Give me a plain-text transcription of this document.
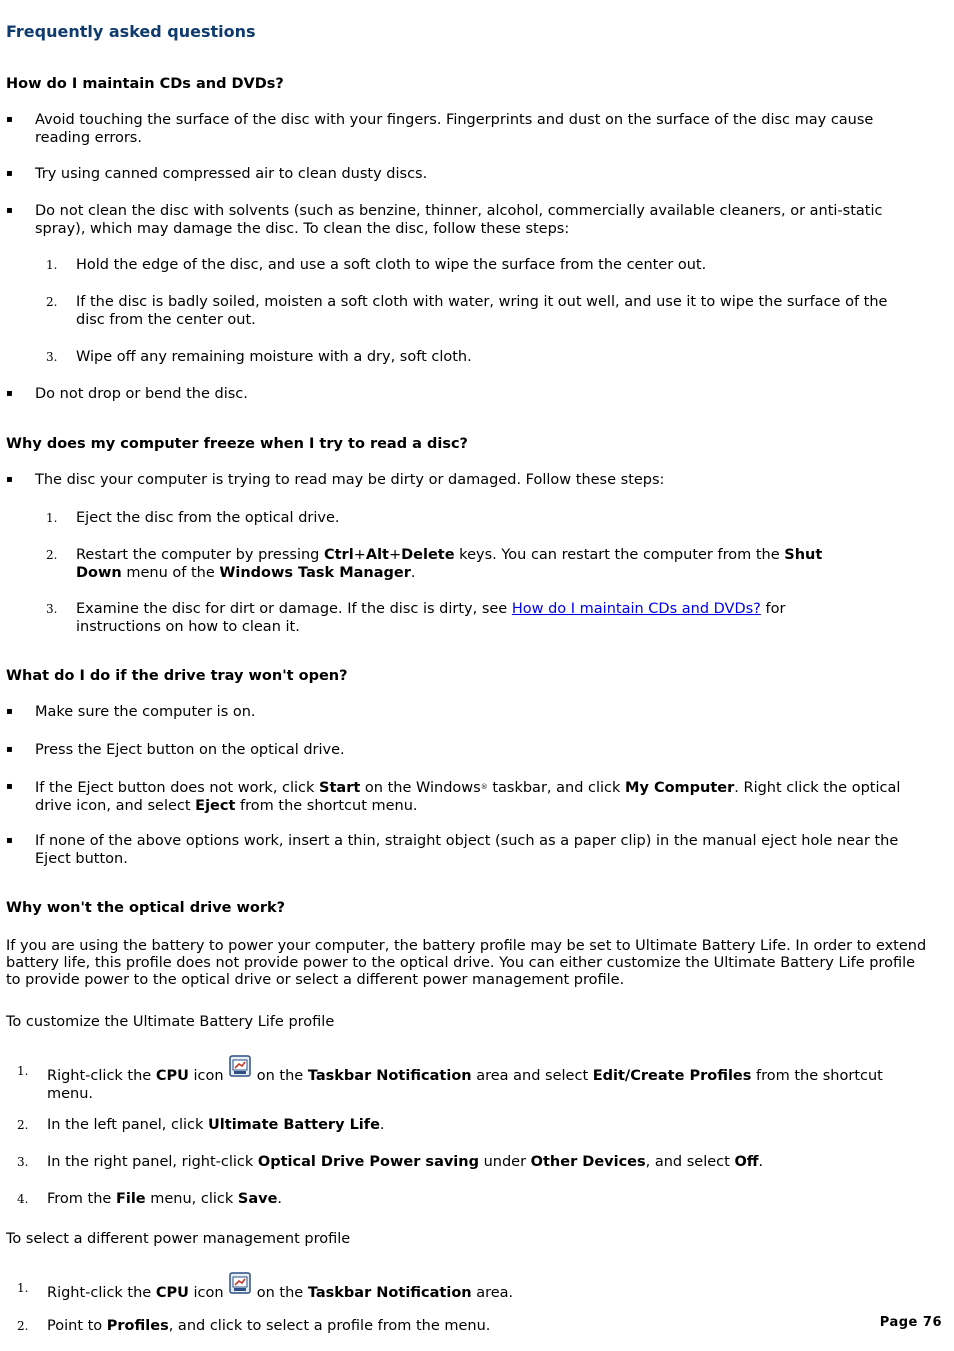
Frequently asked questions
How do I maintain CDs and DVDs?
▪ Avoid touching the surface of the disc with your fingers. Fingerprints and dust on the surface of the disc may cause reading errors.
▪ Try using canned compressed air to clean dusty discs.
▪ Do not clean the disc with solvents (such as benzine, thinner, alcohol, commercially available cleaners, or anti-static spray), which may damage the disc. To clean the disc, follow these steps:
1. Hold the edge of the disc, and use a soft cloth to wipe the surface from the center out.
2. If the disc is badly soiled, moisten a soft cloth with water, wring it out well, and use it to wipe the surface of the disc from the center out.
3. Wipe off any remaining moisture with a dry, soft cloth.
▪ Do not drop or bend the disc.
Why does my computer freeze when I try to read a disc?
▪ The disc your computer is trying to read may be dirty or damaged. Follow these steps:
1. Eject the disc from the optical drive.
2. Restart the computer by pressing Ctrl+Alt+Delete keys. You can restart the computer from the Shut Down menu of the Windows Task Manager.
3. Examine the disc for dirt or damage. If the disc is dirty, see How do I maintain CDs and DVDs? for instructions on how to clean it.
What do I do if the drive tray won't open?
▪ Make sure the computer is on.
▪ Press the Eject button on the optical drive.
▪ If the Eject button does not work, click Start on the Windows® taskbar, and click My Computer. Right click the optical drive icon, and select Eject from the shortcut menu.
▪ If none of the above options work, insert a thin, straight object (such as a paper clip) in the manual eject hole near the Eject button.
Why won't the optical drive work?
If you are using the battery to power your computer, the battery profile may be set to Ultimate Battery Life. In order to extend battery life, this profile does not provide power to the optical drive. You can either customize the Ultimate Battery Life profile to provide power to the optical drive or select a different power management profile.
To customize the Ultimate Battery Life profile
1. Right-click the CPU icon  on the Taskbar Notification area and select Edit/Create Profiles from the shortcut menu.
2. In the left panel, click Ultimate Battery Life.
3. In the right panel, right-click Optical Drive Power saving under Other Devices, and select Off.
4. From the File menu, click Save.
To select a different power management profile
1. Right-click the CPU icon  on the Taskbar Notification area.
2. Point to Profiles, and click to select a profile from the menu.	Page 76
